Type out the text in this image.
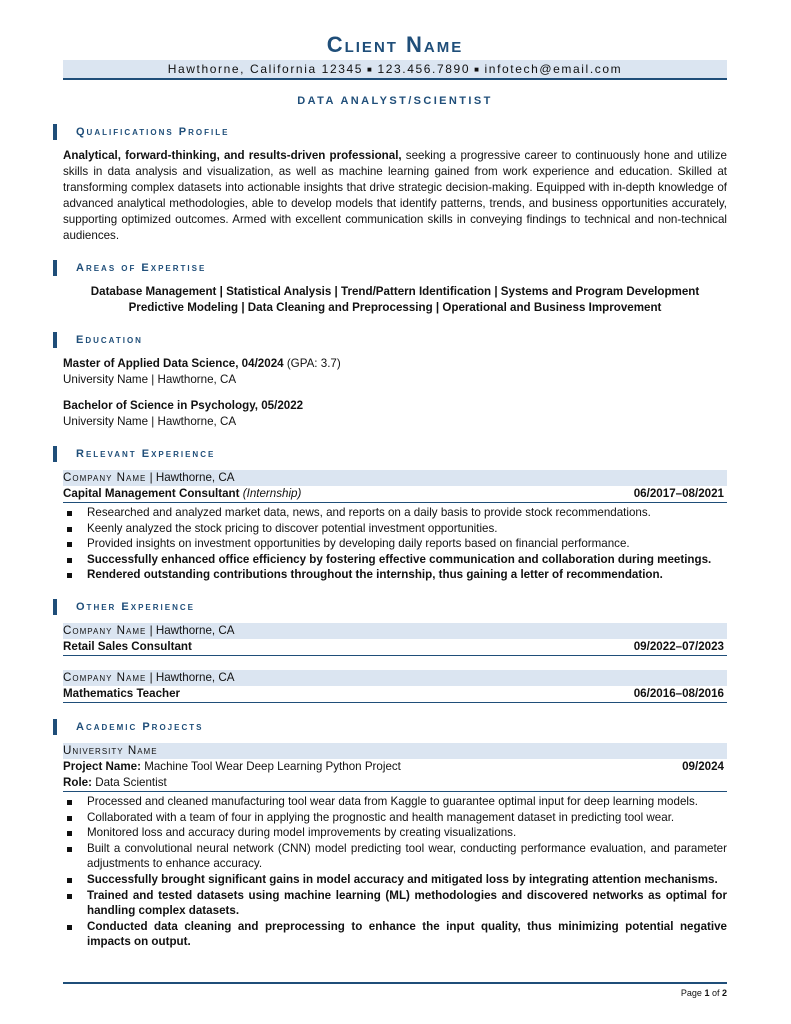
Client Name
Hawthorne, California 12345 ■ 123.456.7890 ■ infotech@email.com
DATA ANALYST/SCIENTIST
Qualifications Profile

Analytical, forward-thinking, and results-driven professional, seeking a progressive career to continuously hone and utilize skills in data analysis and visualization, as well as machine learning gained from work experience and education. Skilled at transforming complex datasets into actionable insights that drive strategic decision-making. Equipped with in-depth knowledge of advanced analytical methodologies, able to develop models that identify patterns, trends, and business opportunities accurately, supporting optimized outcomes. Armed with excellent communication skills in conveying findings to technical and non-technical audiences.

Areas of Expertise
Database Management | Statistical Analysis | Trend/Pattern Identification | Systems and Program Development
Predictive Modeling | Data Cleaning and Preprocessing | Operational and Business Improvement
Education
Master of Applied Data Science, 04/2024 (GPA: 3.7)
University Name | Hawthorne, CA
Bachelor of Science in Psychology, 05/2022
University Name | Hawthorne, CA
Relevant Experience
Company Name | Hawthorne, CA
Capital Management Consultant (Internship)	06/2017–08/2021
Researched and analyzed market data, news, and reports on a daily basis to provide stock recommendations.
Keenly analyzed the stock pricing to discover potential investment opportunities.
Provided insights on investment opportunities by developing daily reports based on financial performance.
Successfully enhanced office efficiency by fostering effective communication and collaboration during meetings.
Rendered outstanding contributions throughout the internship, thus gaining a letter of recommendation.
Other Experience
Company Name | Hawthorne, CA
Retail Sales Consultant	09/2022–07/2023
Company Name | Hawthorne, CA
Mathematics Teacher	06/2016–08/2016
Academic Projects
University Name
Project Name: Machine Tool Wear Deep Learning Python Project	09/2024
Role: Data Scientist
Processed and cleaned manufacturing tool wear data from Kaggle to guarantee optimal input for deep learning models.
Collaborated with a team of four in applying the prognostic and health management dataset in predicting tool wear.
Monitored loss and accuracy during model improvements by creating visualizations.
Built a convolutional neural network (CNN) model predicting tool wear, conducting performance evaluation, and parameter adjustments to enhance accuracy.
Successfully brought significant gains in model accuracy and mitigated loss by integrating attention mechanisms.
Trained and tested datasets using machine learning (ML) methodologies and discovered networks as optimal for handling complex datasets.
Conducted data cleaning and preprocessing to enhance the input quality, thus minimizing potential negative impacts on output.
Page 1 of 2
